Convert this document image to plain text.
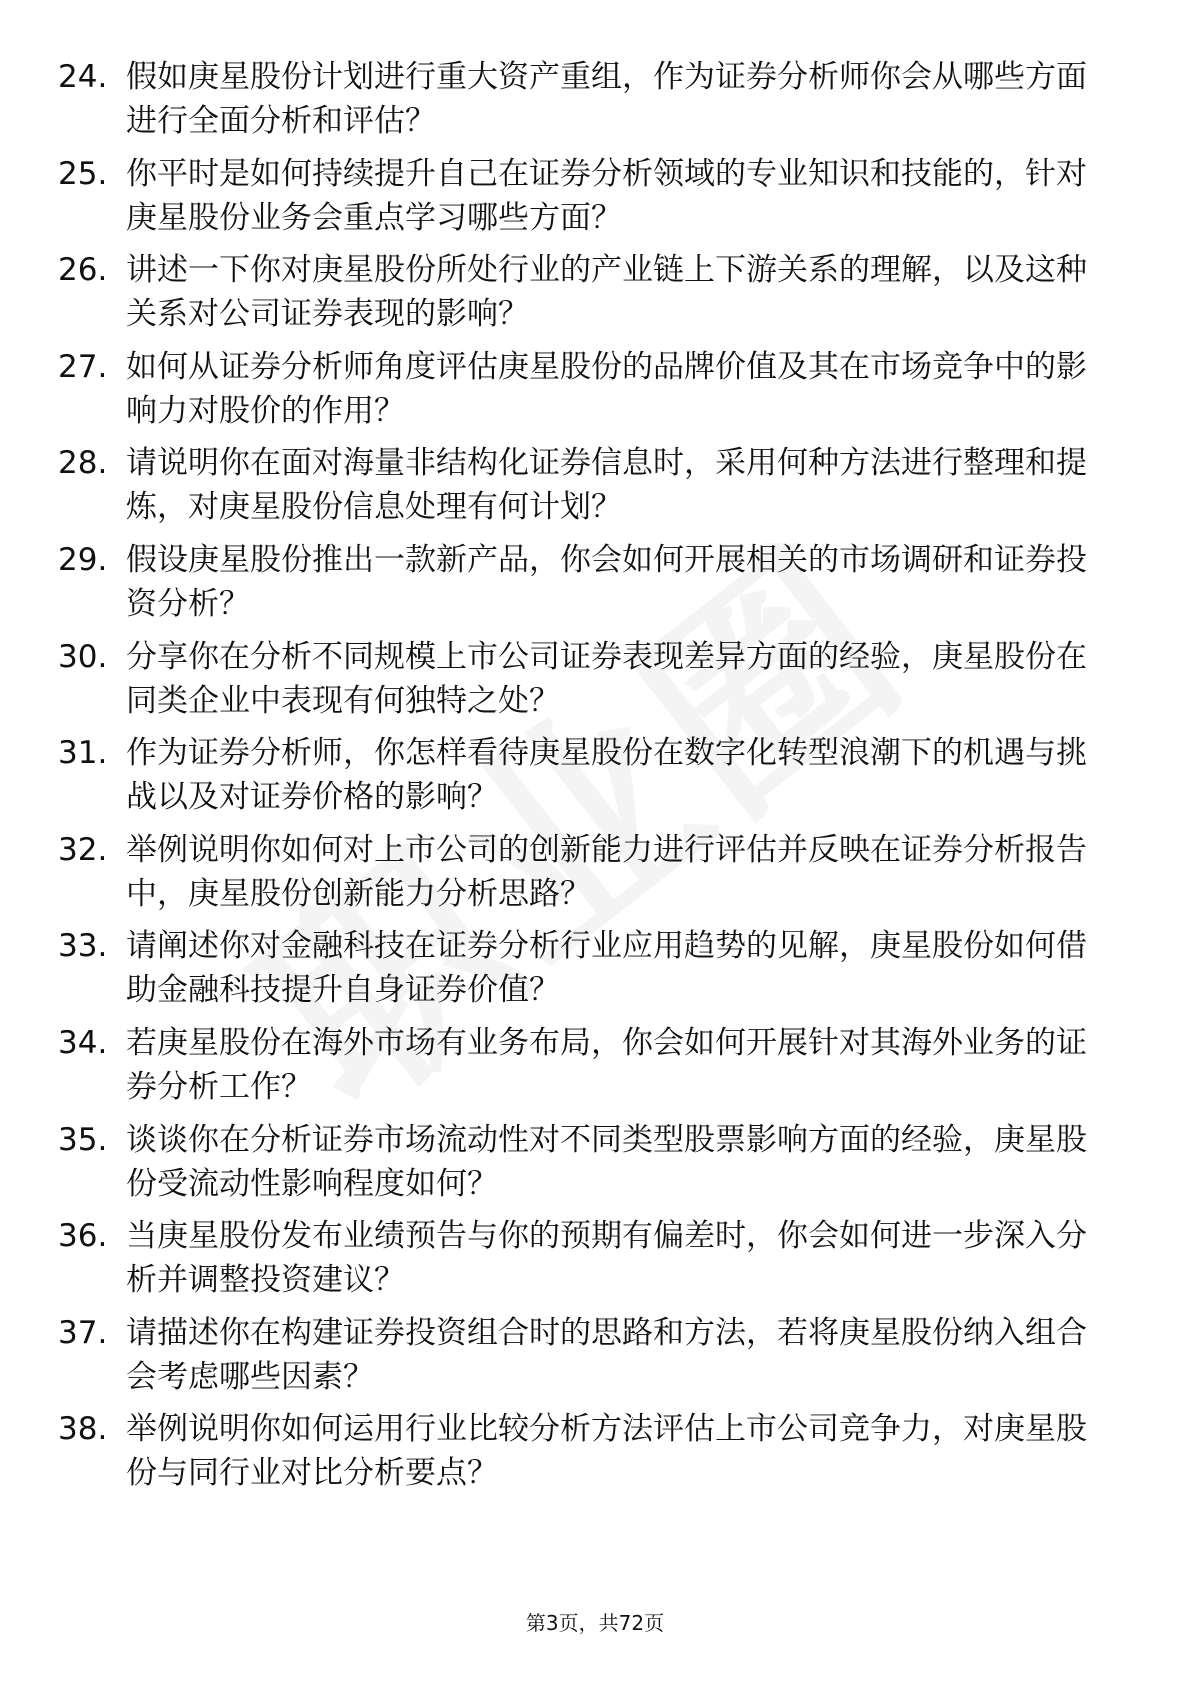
24. 假如庚星股份计划进行重大资产重组，作为证券分析师你会从哪些方面进行全面分析和评估？
25. 你平时是如何持续提升自己在证券分析领域的专业知识和技能的，针对庚星股份业务会重点学习哪些方面？
26. 讲述一下你对庚星股份所处行业的产业链上下游关系的理解，以及这种关系对公司证券表现的影响？
27. 如何从证券分析师角度评估庚星股份的品牌价值及其在市场竞争中的影响力对股价的作用？
28. 请说明你在面对海量非结构化证券信息时，采用何种方法进行整理和提炼，对庚星股份信息处理有何计划？
29. 假设庚星股份推出一款新产品，你会如何开展相关的市场调研和证券投资分析？
30. 分享你在分析不同规模上市公司证券表现差异方面的经验，庚星股份在同类企业中表现有何独特之处？
31. 作为证券分析师，你怎样看待庚星股份在数字化转型浪潮下的机遇与挑战以及对证券价格的影响？
32. 举例说明你如何对上市公司的创新能力进行评估并反映在证券分析报告中，庚星股份创新能力分析思路？
33. 请阐述你对金融科技在证券分析行业应用趋势的见解，庚星股份如何借助金融科技提升自身证券价值？
34. 若庚星股份在海外市场有业务布局，你会如何开展针对其海外业务的证券分析工作？
35. 谈谈你在分析证券市场流动性对不同类型股票影响方面的经验，庚星股份受流动性影响程度如何？
36. 当庚星股份发布业绩预告与你的预期有偏差时，你会如何进一步深入分析并调整投资建议？
37. 请描述你在构建证券投资组合时的思路和方法，若将庚星股份纳入组合会考虑哪些因素？
38. 举例说明你如何运用行业比较分析方法评估上市公司竞争力，对庚星股份与同行业对比分析要点？
第3页，共72页
